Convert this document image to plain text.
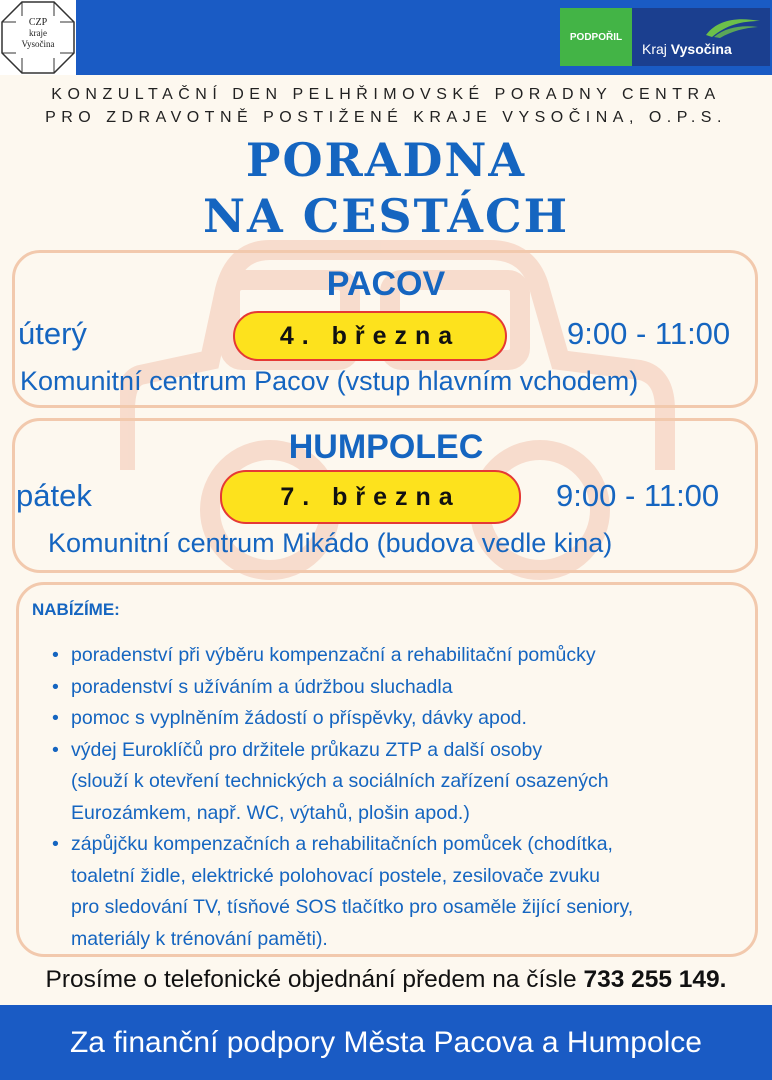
CZP
kraje
Vysočina
PODPOŘIL
Kraj Vysočina
KONZULTAČNÍ DEN PELHŘIMOVSKÉ PORADNY CENTRA
PRO ZDRAVOTNĚ POSTIŽENÉ KRAJE VYSOČINA, O.P.S.
PORADNA
NA CESTÁCH
PACOV
úterý	4. března	9:00 - 11:00
Komunitní centrum Pacov (vstup hlavním vchodem)
HUMPOLEC
pátek	7. března	9:00 - 11:00
Komunitní centrum Mikádo (budova vedle kina)
NABÍZÍME:
• poradenství při výběru kompenzační a rehabilitační pomůcky
• poradenství s užíváním a údržbou sluchadla
• pomoc s vyplněním žádostí o příspěvky, dávky apod.
• výdej Euroklíčů pro držitele průkazu ZTP a další osoby
(slouží k otevření technických a sociálních zařízení osazených
Eurozámkem, např. WC, výtahů, plošin apod.)
• zápůjčku kompenzačních a rehabilitačních pomůcek (chodítka,
toaletní židle, elektrické polohovací postele, zesilovače zvuku
pro sledování TV, tísňové SOS tlačítko pro osaměle žijící seniory,
materiály k trénování paměti).
Prosíme o telefonické objednání předem na čísle 733 255 149.
Za finanční podpory Města Pacova a Humpolce
